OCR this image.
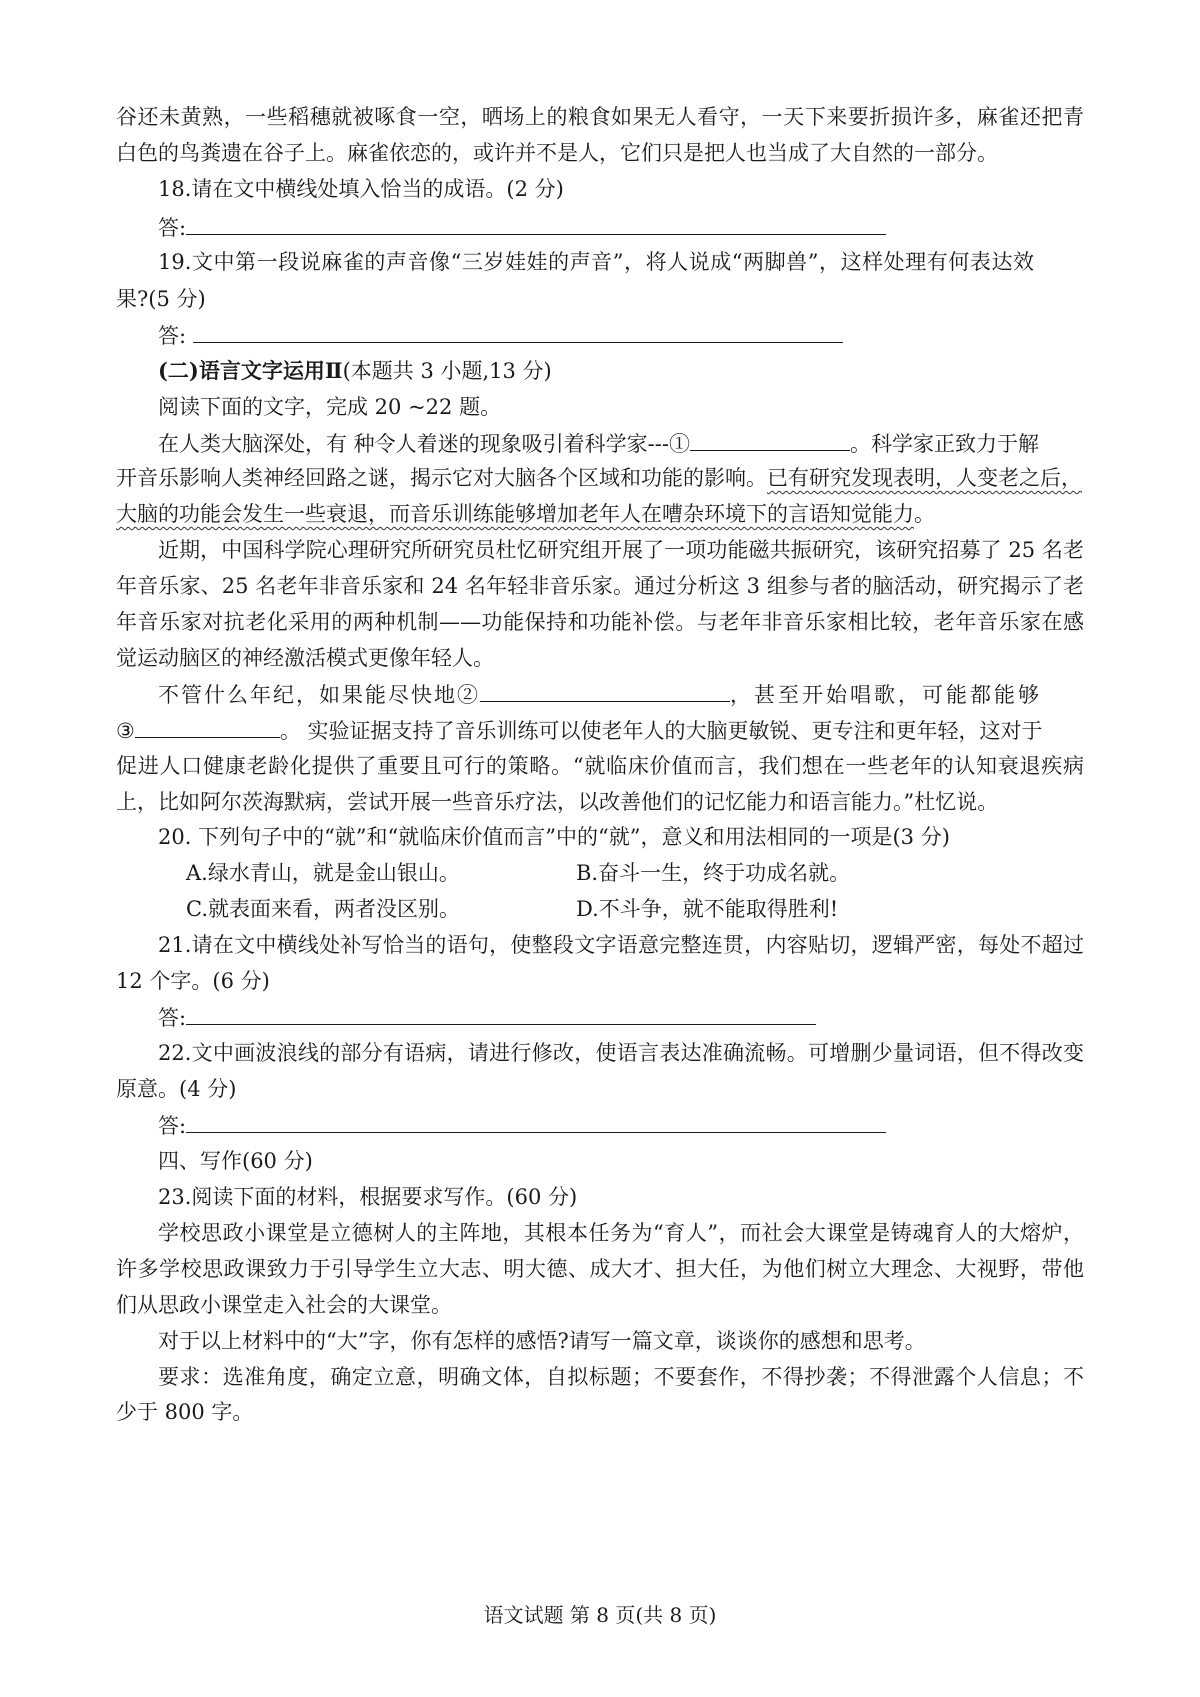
谷还未黄熟，一些稻穗就被啄食一空，晒场上的粮食如果无人看守，一天下来要折损许多，麻雀还把青
白色的鸟粪遗在谷子上。麻雀依恋的，或许并不是人，它们只是把人也当成了大自然的一部分。
18.请在文中横线处填入恰当的成语。(2 分)
答:
19.文中第一段说麻雀的声音像“三岁娃娃的声音”，将人说成“两脚兽”，这样处理有何表达效
果?(5 分)
答:
(二)语言文字运用Ⅱ(本题共 3 小题,13 分)
阅读下面的文字，完成 20 ~22 题。
在人类大脑深处，有 种令人着迷的现象吸引着科学家---①	。科学家正致力于解
开音乐影响人类神经回路之谜，揭示它对大脑各个区域和功能的影响。已有研究发现表明，人变老之后，
大脑的功能会发生一些衰退，而音乐训练能够增加老年人在嘈杂环境下的言语知觉能力。
近期，中国科学院心理研究所研究员杜忆研究组开展了一项功能磁共振研究，该研究招募了 25 名老
年音乐家、25 名老年非音乐家和 24 名年轻非音乐家。通过分析这 3 组参与者的脑活动，研究揭示了老
年音乐家对抗老化采用的两种机制——功能保持和功能补偿。与老年非音乐家相比较，老年音乐家在感
觉运动脑区的神经激活模式更像年轻人。
不管什么年纪，如果能尽快地②	，甚至开始唱歌，可能都能够
③	。 实验证据支持了音乐训练可以使老年人的大脑更敏锐、更专注和更年轻，这对于
促进人口健康老龄化提供了重要且可行的策略。“就临床价值而言，我们想在一些老年的认知衰退疾病
上，比如阿尔茨海默病，尝试开展一些音乐疗法，以改善他们的记忆能力和语言能力。”杜忆说。
20. 下列句子中的“就”和“就临床价值而言”中的“就”，意义和用法相同的一项是(3 分)
A.绿水青山，就是金山银山。	B.奋斗一生，终于功成名就。
C.就表面来看，两者没区别。	D.不斗争，就不能取得胜利!
21.请在文中横线处补写恰当的语句，使整段文字语意完整连贯，内容贴切，逻辑严密，每处不超过
12 个字。(6 分)
答:
22.文中画波浪线的部分有语病，请进行修改，使语言表达准确流畅。可增删少量词语，但不得改变
原意。(4 分)
答:
四、写作(60 分)
23.阅读下面的材料，根据要求写作。(60 分)
学校思政小课堂是立德树人的主阵地，其根本任务为“育人”，而社会大课堂是铸魂育人的大熔炉，
许多学校思政课致力于引导学生立大志、明大德、成大才、担大任，为他们树立大理念、大视野，带他
们从思政小课堂走入社会的大课堂。
对于以上材料中的“大”字，你有怎样的感悟?请写一篇文章，谈谈你的感想和思考。
要求：选准角度，确定立意，明确文体，自拟标题；不要套作，不得抄袭；不得泄露个人信息；不
少于 800 字。
语文试题 第 8 页(共 8 页)
